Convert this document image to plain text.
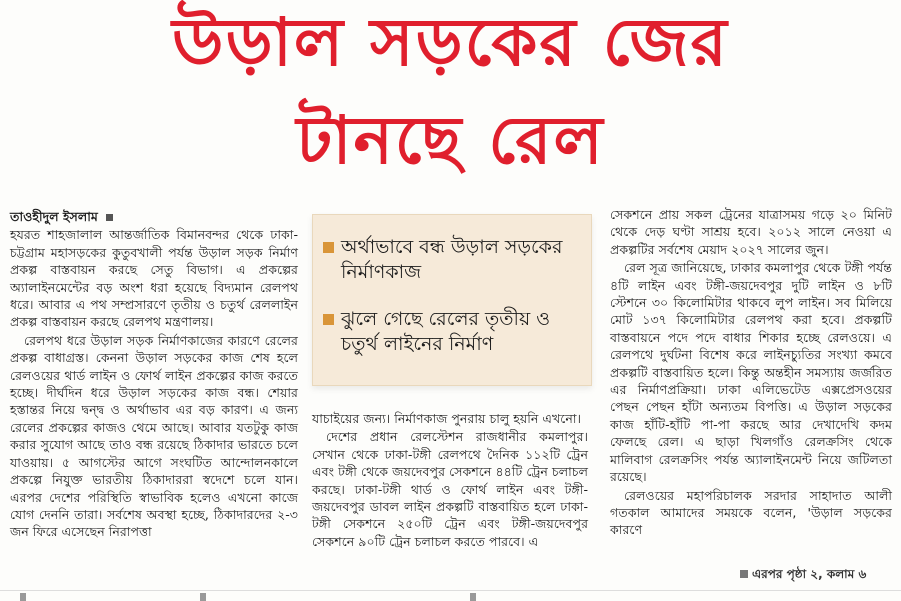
উড়াল সড়কের জের
টানছে রেল

তাওহীদুল ইসলাম

হযরত শাহজালাল আন্তর্জাতিক বিমানবন্দর থেকে ঢাকা-চট্টগ্রাম মহাসড়কের কুতুবখালী পর্যন্ত উড়াল সড়ক নির্মাণ প্রকল্প বাস্তবায়ন করছে সেতু বিভাগ। এ প্রকল্পের অ্যালাইনমেন্টের বড় অংশ ধরা হয়েছে বিদ্যমান রেলপথ ধরে। আবার এ পথ সম্প্রসারণে তৃতীয় ও চতুর্থ রেললাইন প্রকল্প বাস্তবায়ন করছে রেলপথ মন্ত্রণালয়।

রেলপথ ধরে উড়াল সড়ক নির্মাণকাজের কারণে রেলের প্রকল্প বাধাগ্রস্ত। কেননা উড়াল সড়কের কাজ শেষ হলে রেলওয়ের থার্ড লাইন ও ফোর্থ লাইন প্রকল্পের কাজ করতে হচ্ছে। দীর্ঘদিন ধরে উড়াল সড়কের কাজ বন্ধ। শেয়ার হস্তান্তর নিয়ে দ্বন্দ্ব ও অর্থাভাব এর বড় কারণ। এ জন্য রেলের প্রকল্পের কাজও থেমে আছে। আবার যতটুকু কাজ করার সুযোগ আছে তাও বন্ধ রয়েছে ঠিকাদার ভারতে চলে যাওয়ায়। ৫ আগস্টের আগে সংঘটিত আন্দোলনকালে প্রকল্পে নিযুক্ত ভারতীয় ঠিকাদাররা স্বদেশে চলে যান। এরপর দেশের পরিস্থিতি স্বাভাবিক হলেও এখনো কাজে যোগ দেননি তারা। সর্বশেষ অবস্থা হচ্ছে, ঠিকাদারদের ২-৩ জন ফিরে এসেছেন নিরাপত্তা

অর্থাভাবে বন্ধ উড়াল সড়কের নির্মাণকাজ
ঝুলে গেছে রেলের তৃতীয় ও চতুর্থ লাইনের নির্মাণ

যাচাইয়ের জন্য। নির্মাণকাজ পুনরায় চালু হয়নি এখনো।

দেশের প্রধান রেলস্টেশন রাজধানীর কমলাপুর। সেখান থেকে ঢাকা-টঙ্গী রেলপথে দৈনিক ১১২টি ট্রেন এবং টঙ্গী থেকে জয়দেবপুর সেকশনে ৪৪টি ট্রেন চলাচল করছে। ঢাকা-টঙ্গী থার্ড ও ফোর্থ লাইন এবং টঙ্গী-জয়দেবপুর ডাবল লাইন প্রকল্পটি বাস্তবায়িত হলে ঢাকা-টঙ্গী সেকশনে ২৫০টি ট্রেন এবং টঙ্গী-জয়দেবপুর সেকশনে ৯০টি ট্রেন চলাচল করতে পারবে। এ

সেকশনে প্রায় সকল ট্রেনের যাত্রাসময় গড়ে ২০ মিনিট থেকে দেড় ঘণ্টা সাশ্রয় হবে। ২০১২ সালে নেওয়া এ প্রকল্পটির সর্বশেষ মেয়াদ ২০২৭ সালের জুন।

রেল সূত্র জানিয়েছে, ঢাকার কমলাপুর থেকে টঙ্গী পর্যন্ত ৪টি লাইন এবং টঙ্গী-জয়দেবপুর দুটি লাইন ও ৮টি স্টেশনে ৩০ কিলোমিটার থাকবে লুপ লাইন। সব মিলিয়ে মোট ১৩৭ কিলোমিটার রেলপথ করা হবে। প্রকল্পটি বাস্তবায়নে পদে পদে বাধার শিকার হচ্ছে রেলওয়ে। এ রেলপথে দুর্ঘটনা বিশেষ করে লাইনচ্যুতির সংখ্যা কমবে প্রকল্পটি বাস্তবায়িত হলে। কিন্তু অন্তহীন সমস্যায় জর্জরিত এর নির্মাণপ্রক্রিয়া। ঢাকা এলিভেটেড এক্সপ্রেসওয়ের পেছন পেছন হাঁটা অন্যতম বিপত্তি। এ উড়াল সড়কের কাজ হাঁটি-হাঁটি পা-পা করছে আর দেখাদেখি কদম ফেলছে রেল। এ ছাড়া খিলগাঁও রেলক্রসিং থেকে মালিবাগ রেলক্রসিং পর্যন্ত অ্যালাইনমেন্ট নিয়ে জটিলতা রয়েছে।

রেলওয়ের মহাপরিচালক সরদার সাহাদাত আলী গতকাল আমাদের সময়কে বলেন, 'উড়াল সড়কের কারণে

এরপর পৃষ্ঠা ২, কলাম ৬
